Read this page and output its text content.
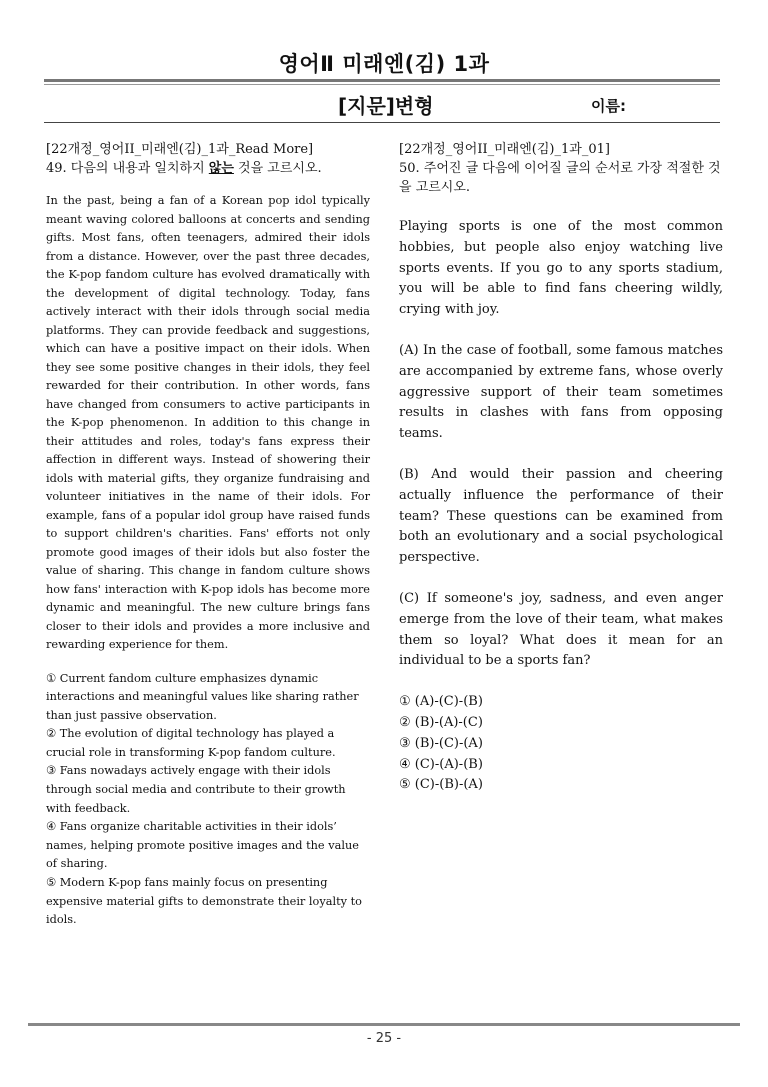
영어Ⅱ 미래엔(김) 1과
[지문]변형	이름:
[22개정_영어II_미래엔(김)_1과_Read More]
49. 다음의 내용과 일치하지 않는 것을 고르시오.
In the past, being a fan of a Korean pop idol typically meant waving colored balloons at concerts and sending gifts. Most fans, often teenagers, admired their idols from a distance. However, over the past three decades, the K-pop fandom culture has evolved dramatically with the development of digital technology. Today, fans actively interact with their idols through social media platforms. They can provide feedback and suggestions, which can have a positive impact on their idols. When they see some positive changes in their idols, they feel rewarded for their contribution. In other words, fans have changed from consumers to active participants in the K-pop phenomenon. In addition to this change in their attitudes and roles, today's fans express their affection in different ways. Instead of showering their idols with material gifts, they organize fundraising and volunteer initiatives in the name of their idols. For example, fans of a popular idol group have raised funds to support children's charities. Fans' efforts not only promote good images of their idols but also foster the value of sharing. This change in fandom culture shows how fans' interaction with K-pop idols has become more dynamic and meaningful. The new culture brings fans closer to their idols and provides a more inclusive and rewarding experience for them.
① Current fandom culture emphasizes dynamic interactions and meaningful values like sharing rather than just passive observation.
② The evolution of digital technology has played a crucial role in transforming K-pop fandom culture.
③ Fans nowadays actively engage with their idols through social media and contribute to their growth with feedback.
④ Fans organize charitable activities in their idols’ names, helping promote positive images and the value of sharing.
⑤ Modern K-pop fans mainly focus on presenting expensive material gifts to demonstrate their loyalty to idols.
[22개정_영어II_미래엔(김)_1과_01]
50. 주어진 글 다음에 이어질 글의 순서로 가장 적절한 것을 고르시오.

Playing sports is one of the most common hobbies, but people also enjoy watching live sports events. If you go to any sports stadium, you will be able to find fans cheering wildly, crying with joy.

(A) In the case of football, some famous matches are accompanied by extreme fans, whose overly aggressive support of their team sometimes results in clashes with fans from opposing teams.

(B) And would their passion and cheering actually influence the performance of their team? These questions can be examined from both an evolutionary and a social psychological perspective.

(C) If someone's joy, sadness, and even anger emerge from the love of their team, what makes them so loyal? What does it mean for an individual to be a sports fan?

① (A)-(C)-(B)
② (B)-(A)-(C)
③ (B)-(C)-(A)
④ (C)-(A)-(B)
⑤ (C)-(B)-(A)
- 25 -
